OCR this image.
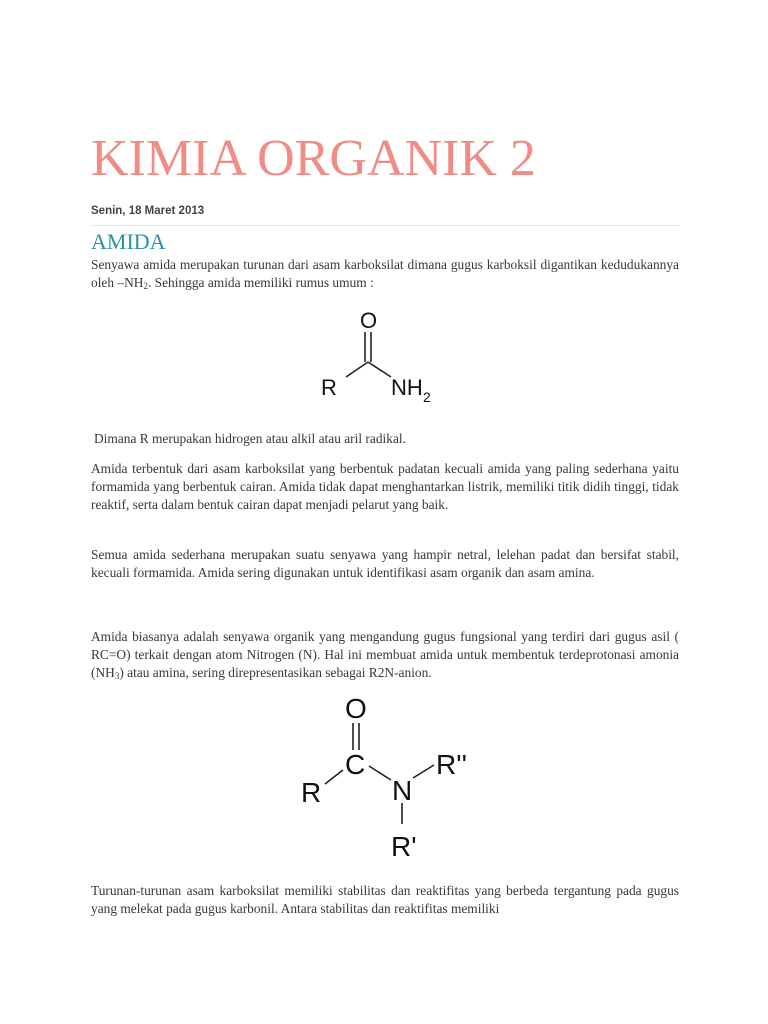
KIMIA ORGANIK 2
Senin, 18 Maret 2013
AMIDA

Senyawa amida merupakan turunan dari asam karboksilat dimana gugus karboksil digantikan kedudukannya oleh $-NH_2$. Sehingga amida memiliki rumus umum :

O
R NH 2

Dimana R merupakan hidrogen atau alkil atau aril radikal.

Amida terbentuk dari asam karboksilat yang berbentuk padatan kecuali amida yang paling sederhana yaitu formamida yang berbentuk cairan. Amida tidak dapat menghantarkan listrik, memiliki titik didih tinggi, tidak reaktif, serta dalam bentuk cairan dapat menjadi pelarut yang baik.

Semua amida sederhana merupakan suatu senyawa yang hampir netral, lelehan padat dan bersifat stabil, kecuali formamida. Amida sering digunakan untuk identifikasi asam organik dan asam amina.

Amida biasanya adalah senyawa organik yang mengandung gugus fungsional yang terdiri dari gugus asil ( RC=O) terkait dengan atom Nitrogen (N). Hal ini membuat amida untuk membentuk terdeprotonasi amonia $(NH_3)$ atau amina, sering direpresentasikan sebagai R2N-anion.

O
C
R	N
R''
R'

Turunan-turunan asam karboksilat memiliki stabilitas dan reaktifitas yang berbeda tergantung pada gugus yang melekat pada gugus karbonil. Antara stabilitas dan reaktifitas memiliki
